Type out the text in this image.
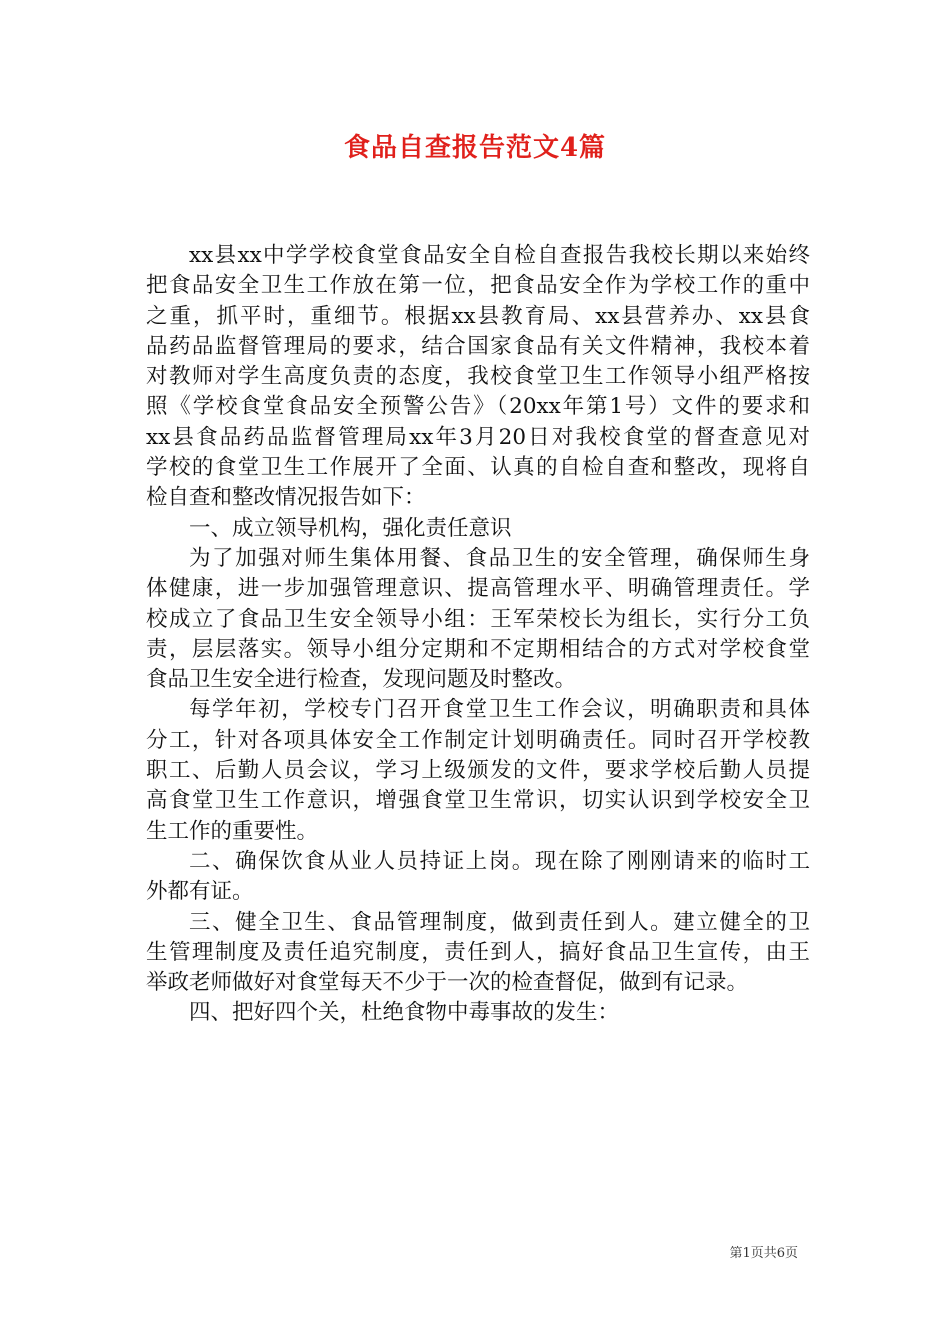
食品自查报告范文4篇
xx县xx中学学校食堂食品安全自检自查报告我校长期以来始终
把食品安全卫生工作放在第一位，把食品安全作为学校工作的重中
之重，抓平时，重细节。根据xx县教育局、xx县营养办、xx县食
品药品监督管理局的要求，结合国家食品有关文件精神，我校本着
对教师对学生高度负责的态度，我校食堂卫生工作领导小组严格按
照《学校食堂食品安全预警公告》（20xx年第1号）文件的要求和
xx县食品药品监督管理局xx年3月20日对我校食堂的督查意见对
学校的食堂卫生工作展开了全面、认真的自检自查和整改，现将自
检自查和整改情况报告如下：
一、成立领导机构，强化责任意识
为了加强对师生集体用餐、食品卫生的安全管理，确保师生身
体健康，进一步加强管理意识、提高管理水平、明确管理责任。学
校成立了食品卫生安全领导小组：王军荣校长为组长，实行分工负
责，层层落实。领导小组分定期和不定期相结合的方式对学校食堂
食品卫生安全进行检查，发现问题及时整改。
每学年初，学校专门召开食堂卫生工作会议，明确职责和具体
分工，针对各项具体安全工作制定计划明确责任。同时召开学校教
职工、后勤人员会议，学习上级颁发的文件，要求学校后勤人员提
高食堂卫生工作意识，增强食堂卫生常识，切实认识到学校安全卫
生工作的重要性。
二、确保饮食从业人员持证上岗。现在除了刚刚请来的临时工
外都有证。
三、健全卫生、食品管理制度，做到责任到人。建立健全的卫
生管理制度及责任追究制度，责任到人，搞好食品卫生宣传，由王
举政老师做好对食堂每天不少于一次的检查督促，做到有记录。
四、把好四个关，杜绝食物中毒事故的发生：
第1页共6页
